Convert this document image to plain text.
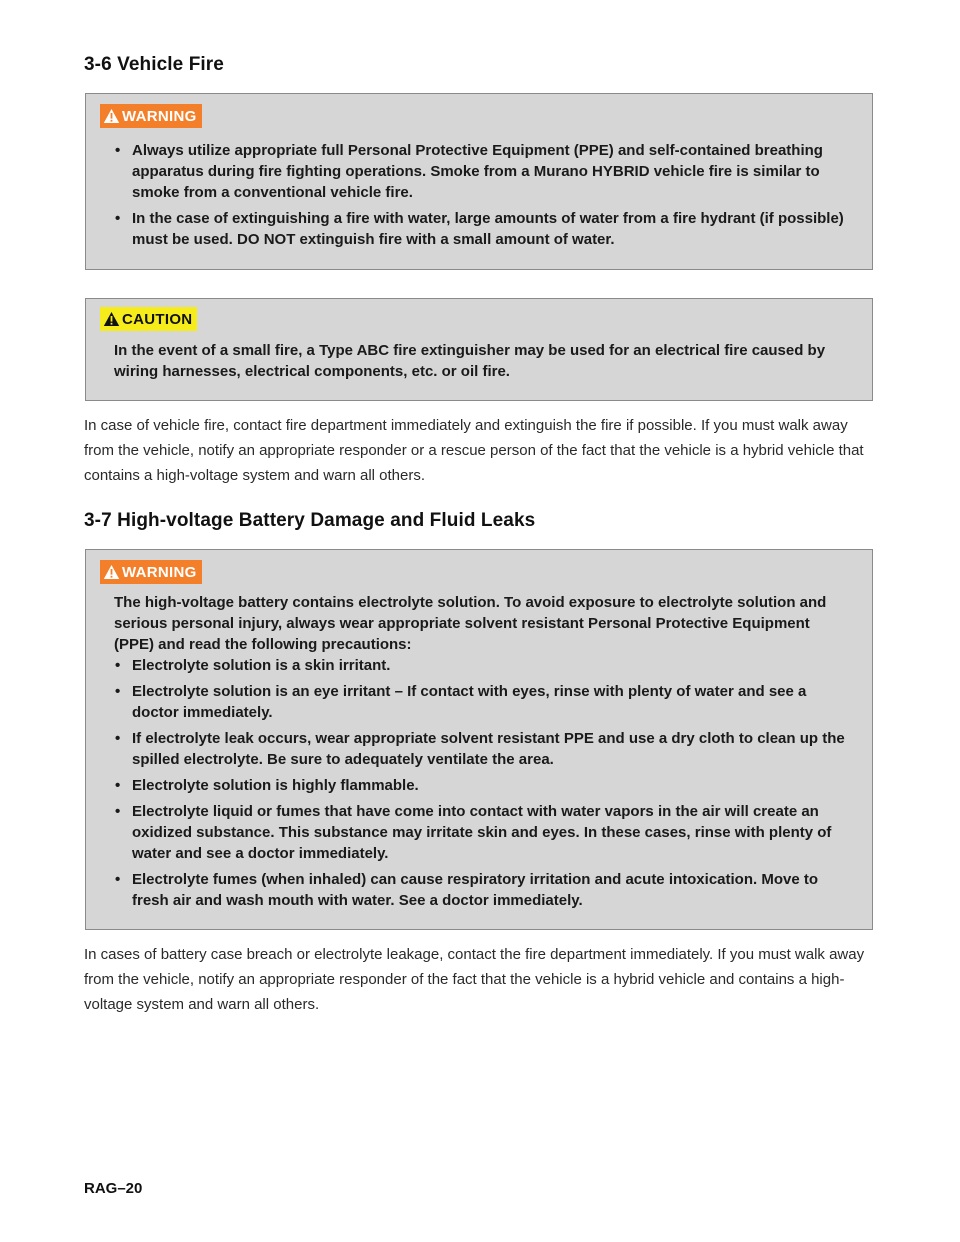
3-6 Vehicle Fire
WARNING
• Always utilize appropriate full Personal Protective Equipment (PPE) and self-contained breathing apparatus during fire fighting operations. Smoke from a Murano HYBRID vehicle fire is similar to smoke from a conventional vehicle fire.
• In the case of extinguishing a fire with water, large amounts of water from a fire hydrant (if possible) must be used. DO NOT extinguish fire with a small amount of water.
CAUTION

In the event of a small fire, a Type ABC fire extinguisher may be used for an electrical fire caused by wiring harnesses, electrical components, etc. or oil fire.

In case of vehicle fire, contact fire department immediately and extinguish the fire if possible. If you must walk away from the vehicle, notify an appropriate responder or a rescue person of the fact that the vehicle is a hybrid vehicle that contains a high-voltage system and warn all others.

3-7 High-voltage Battery Damage and Fluid Leaks
WARNING

The high-voltage battery contains electrolyte solution. To avoid exposure to electrolyte solution and serious personal injury, always wear appropriate solvent resistant Personal Protective Equipment (PPE) and read the following precautions:

• Electrolyte solution is a skin irritant.
• Electrolyte solution is an eye irritant – If contact with eyes, rinse with plenty of water and see a doctor immediately.
• If electrolyte leak occurs, wear appropriate solvent resistant PPE and use a dry cloth to clean up the spilled electrolyte. Be sure to adequately ventilate the area.
• Electrolyte solution is highly flammable.
• Electrolyte liquid or fumes that have come into contact with water vapors in the air will create an oxidized substance. This substance may irritate skin and eyes. In these cases, rinse with plenty of water and see a doctor immediately.
• Electrolyte fumes (when inhaled) can cause respiratory irritation and acute intoxication. Move to fresh air and wash mouth with water. See a doctor immediately.

In cases of battery case breach or electrolyte leakage, contact the fire department immediately. If you must walk away from the vehicle, notify an appropriate responder of the fact that the vehicle is a hybrid vehicle and contains a high-voltage system and warn all others.

RAG–20
